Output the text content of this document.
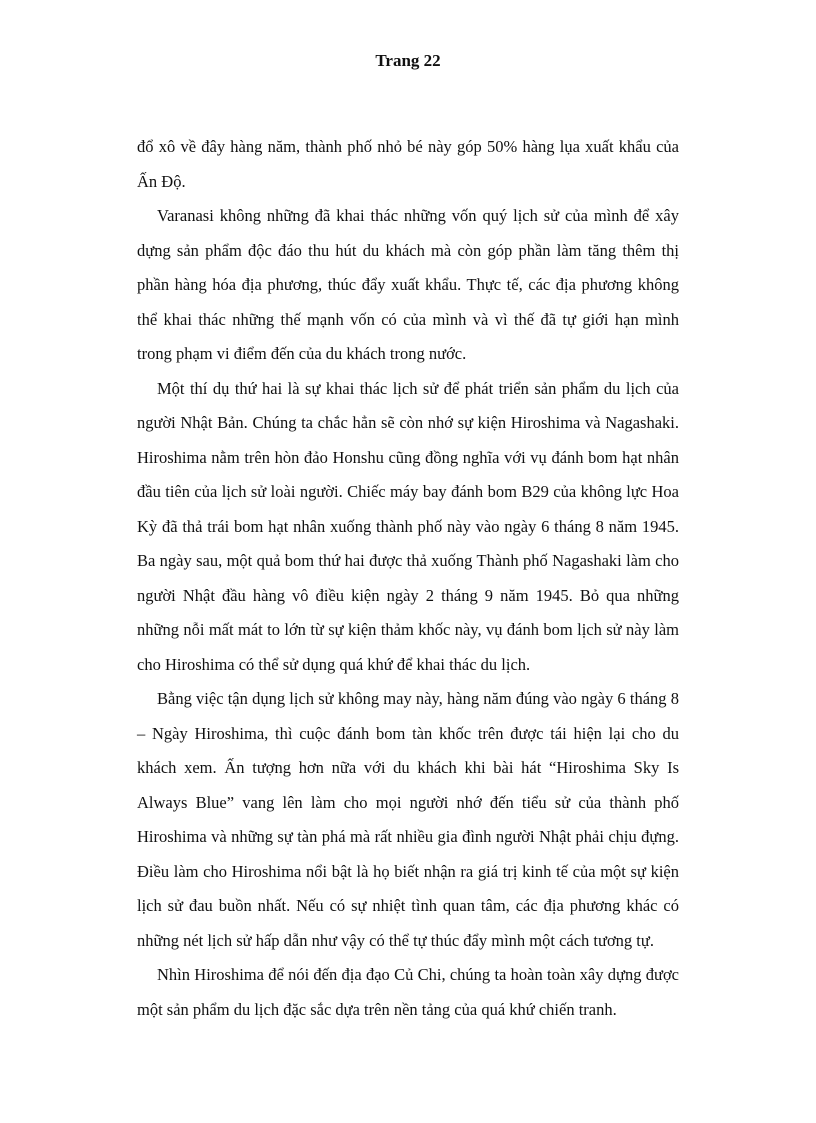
Trang 22

đổ xô về đây hàng năm, thành phố nhỏ bé này góp 50% hàng lụa xuất khẩu của Ấn Độ.

Varanasi không những đã khai thác những vốn quý lịch sử của mình để xây dựng sản phẩm độc đáo thu hút du khách mà còn góp phần làm tăng thêm thị phần hàng hóa địa phương, thúc đẩy xuất khẩu. Thực tế, các địa phương không thể khai thác những thế mạnh vốn có của mình và vì thế đã tự giới hạn mình trong phạm vi điểm đến của du khách trong nước.

Một thí dụ thứ hai là sự khai thác lịch sử để phát triển sản phẩm du lịch của người Nhật Bản. Chúng ta chắc hẳn sẽ còn nhớ sự kiện Hiroshima và Nagashaki. Hiroshima nằm trên hòn đảo Honshu cũng đồng nghĩa với vụ đánh bom hạt nhân đầu tiên của lịch sử loài người. Chiếc máy bay đánh bom B29 của không lực Hoa Kỳ đã thả trái bom hạt nhân xuống thành phố này vào ngày 6 tháng 8 năm 1945. Ba ngày sau, một quả bom thứ hai được thả xuống Thành phố Nagashaki làm cho người Nhật đầu hàng vô điều kiện ngày 2 tháng 9 năm 1945. Bỏ qua những những nỗi mất mát to lớn từ sự kiện thảm khốc này, vụ đánh bom lịch sử này làm cho Hiroshima có thể sử dụng quá khứ để khai thác du lịch.

Bằng việc tận dụng lịch sử không may này, hàng năm đúng vào ngày 6 tháng 8 – Ngày Hiroshima, thì cuộc đánh bom tàn khốc trên được tái hiện lại cho du khách xem. Ấn tượng hơn nữa với du khách khi bài hát “Hiroshima Sky Is Always Blue” vang lên làm cho mọi người nhớ đến tiểu sử của thành phố Hiroshima và những sự tàn phá mà rất nhiều gia đình người Nhật phải chịu đựng. Điều làm cho Hiroshima nổi bật là họ biết nhận ra giá trị kinh tế của một sự kiện lịch sử đau buồn nhất. Nếu có sự nhiệt tình quan tâm, các địa phương khác có những nét lịch sử hấp dẫn như vậy có thể tự thúc đẩy mình một cách tương tự.

Nhìn Hiroshima để nói đến địa đạo Củ Chi, chúng ta hoàn toàn xây dựng được một sản phẩm du lịch đặc sắc dựa trên nền tảng của quá khứ chiến tranh.
